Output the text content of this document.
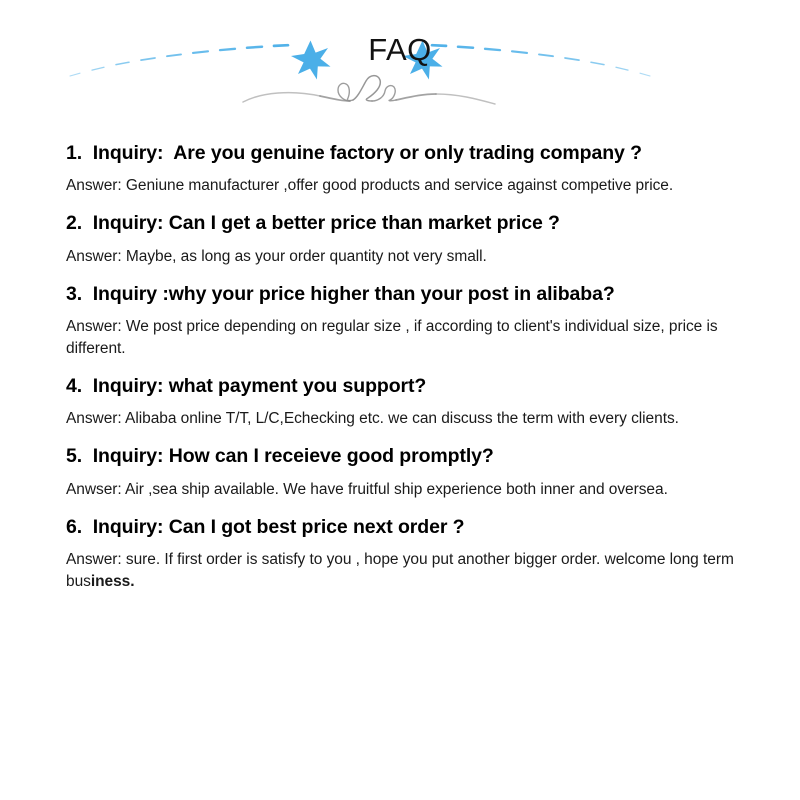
FAQ

1.  Inquiry:  Are you genuine factory or only trading company ?

Answer: Geniune manufacturer ,offer good products and service against competive price.

2.  Inquiry: Can I get a better price than market price ?

Answer: Maybe, as long as your order quantity not very small.

3.  Inquiry :why your price higher than your post in alibaba?

Answer: We post price depending on regular size , if according to client's individual size, price is different.

4.  Inquiry: what payment you support?

Answer: Alibaba online T/T, L/C,Echecking etc. we can discuss the term with every clients.

5.  Inquiry: How can I receieve good promptly?

Anwser: Air ,sea ship available. We have fruitful ship experience both inner and oversea.

6.  Inquiry: Can I got best price next order ?

Answer: sure. If first order is satisfy to you , hope you put another bigger order. welcome long term business.
